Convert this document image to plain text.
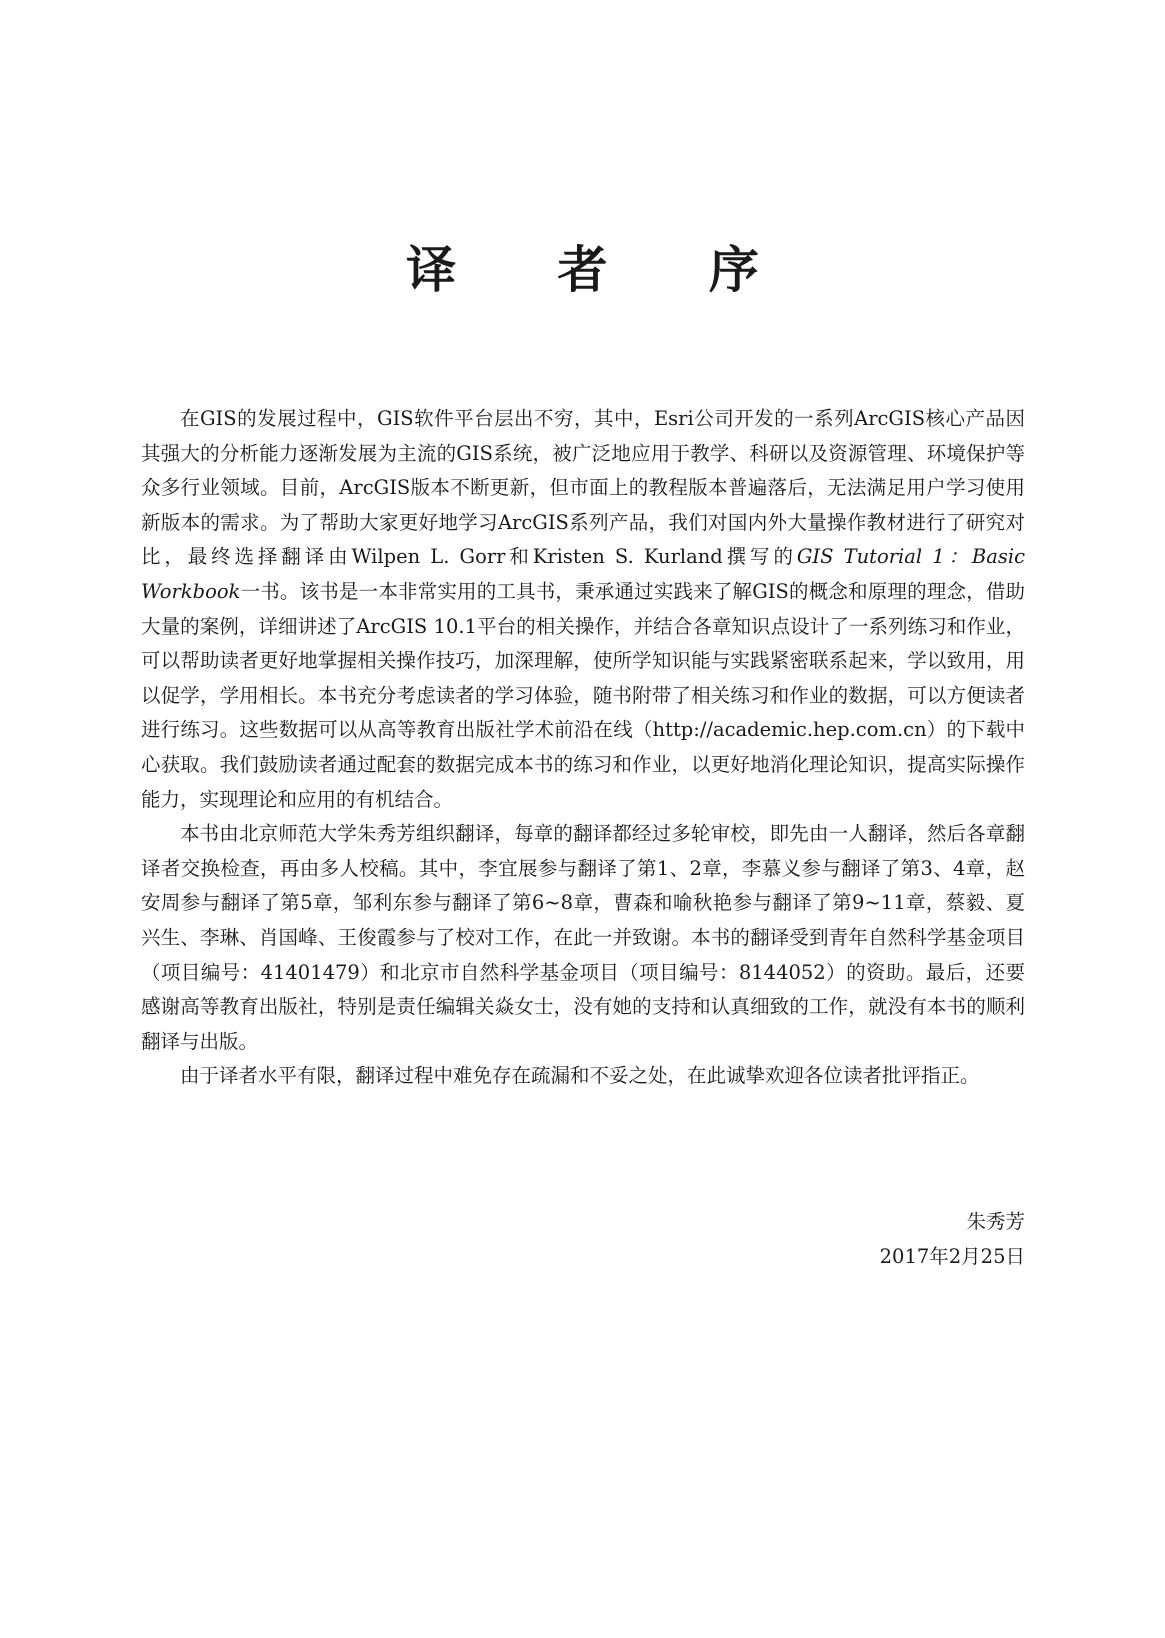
译 者 序

在GIS的发展过程中，GIS软件平台层出不穷，其中，Esri公司开发的一系列ArcGIS核心产品因其强大的分析能力逐渐发展为主流的GIS系统，被广泛地应用于教学、科研以及资源管理、环境保护等众多行业领域。目前，ArcGIS版本不断更新，但市面上的教程版本普遍落后，无法满足用户学习使用新版本的需求。为了帮助大家更好地学习ArcGIS系列产品，我们对国内外大量操作教材进行了研究对比，最终选择翻译由Wilpen L. Gorr和Kristen S. Kurland撰写的GIS Tutorial 1：Basic Workbook一书。该书是一本非常实用的工具书，秉承通过实践来了解GIS的概念和原理的理念，借助大量的案例，详细讲述了ArcGIS 10.1平台的相关操作，并结合各章知识点设计了一系列练习和作业，可以帮助读者更好地掌握相关操作技巧，加深理解，使所学知识能与实践紧密联系起来，学以致用，用以促学，学用相长。本书充分考虑读者的学习体验，随书附带了相关练习和作业的数据，可以方便读者进行练习。这些数据可以从高等教育出版社学术前沿在线（http://academic.hep.com.cn）的下载中心获取。我们鼓励读者通过配套的数据完成本书的练习和作业，以更好地消化理论知识，提高实际操作能力，实现理论和应用的有机结合。

本书由北京师范大学朱秀芳组织翻译，每章的翻译都经过多轮审校，即先由一人翻译，然后各章翻译者交换检查，再由多人校稿。其中，李宜展参与翻译了第1、2章，李慕义参与翻译了第3、4章，赵安周参与翻译了第5章，邹利东参与翻译了第6~8章，曹森和喻秋艳参与翻译了第9~11章，蔡毅、夏兴生、李琳、肖国峰、王俊霞参与了校对工作，在此一并致谢。本书的翻译受到青年自然科学基金项目（项目编号：41401479）和北京市自然科学基金项目（项目编号：8144052）的资助。最后，还要感谢高等教育出版社，特别是责任编辑关焱女士，没有她的支持和认真细致的工作，就没有本书的顺利翻译与出版。

由于译者水平有限，翻译过程中难免存在疏漏和不妥之处，在此诚挚欢迎各位读者批评指正。

朱秀芳
2017年2月25日
